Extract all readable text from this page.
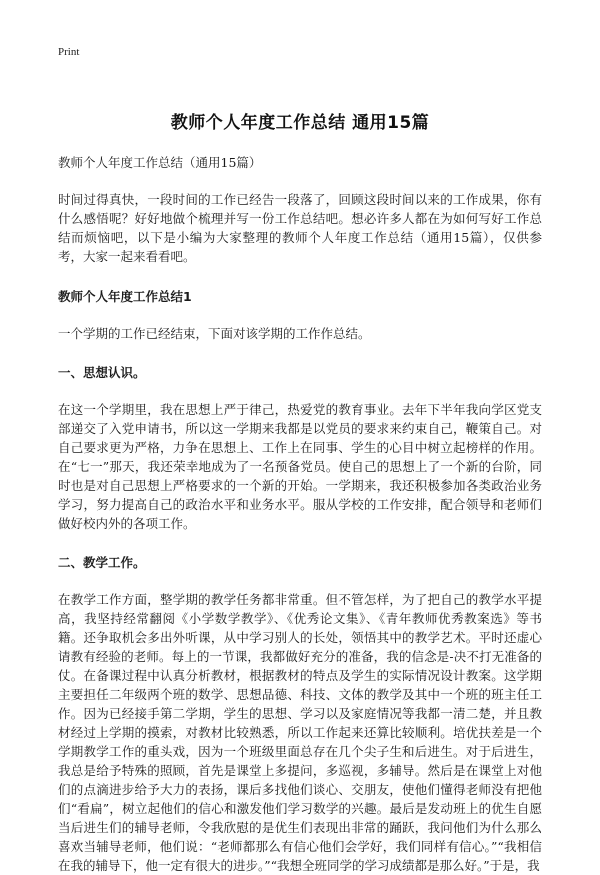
Print
教师个人年度工作总结 通用15篇

教师个人年度工作总结（通用15篇）

时间过得真快，一段时间的工作已经告一段落了，回顾这段时间以来的工作成果，你有什么感悟呢？好好地做个梳理并写一份工作总结吧。想必许多人都在为如何写好工作总结而烦恼吧，以下是小编为大家整理的教师个人年度工作总结（通用15篇），仅供参考，大家一起来看看吧。

教师个人年度工作总结1

一个学期的工作已经结束，下面对该学期的工作作总结。

一、思想认识。

在这一个学期里，我在思想上严于律己，热爱党的教育事业。去年下半年我向学区党支部递交了入党申请书，所以这一学期来我都是以党员的要求来约束自己，鞭策自己。对自己要求更为严格，力争在思想上、工作上在同事、学生的心目中树立起榜样的作用。在“七一”那天，我还荣幸地成为了一名预备党员。使自己的思想上了一个新的台阶，同时也是对自己思想上严格要求的一个新的开始。一学期来，我还积极参加各类政治业务学习，努力提高自己的政治水平和业务水平。服从学校的工作安排，配合领导和老师们做好校内外的各项工作。

二、教学工作。

在教学工作方面，整学期的教学任务都非常重。但不管怎样，为了把自己的教学水平提高，我坚持经常翻阅《小学数学教学》、《优秀论文集》、《青年教师优秀教案选》等书籍。还争取机会多出外听课，从中学习别人的长处，领悟其中的教学艺术。平时还虚心请教有经验的老师。每上的一节课，我都做好充分的准备，我的信念是-决不打无准备的仗。在备课过程中认真分析教材，根据教材的特点及学生的实际情况设计教案。这学期主要担任二年级两个班的数学、思想品德、科技、文体的教学及其中一个班的班主任工作。因为已经接手第二学期，学生的思想、学习以及家庭情况等我都一清二楚，并且教材经过上学期的摸索，对教材比较熟悉，所以工作起来还算比较顺利。培优扶差是一个学期教学工作的重头戏，因为一个班级里面总存在几个尖子生和后进生。对于后进生，我总是给予特殊的照顾，首先是课堂上多提问，多巡视，多辅导。然后是在课堂上对他们的点滴进步给予大力的表扬，课后多找他们谈心、交朋友，使他们懂得老师没有把他们“看扁”，树立起他们的信心和激发他们学习数学的兴趣。最后是发动班上的优生自愿当后进生们的辅导老师，令我欣慰的是优生们表现出非常的踊跃，我问他们为什么那么喜欢当辅导老师，他们说：“老师都那么有信心他们会学好，我们同样有信心。”“我相信在我的辅导下，他一定有很大的进步。”“我想全班同学的学习成绩都是那么好。”于是，我
